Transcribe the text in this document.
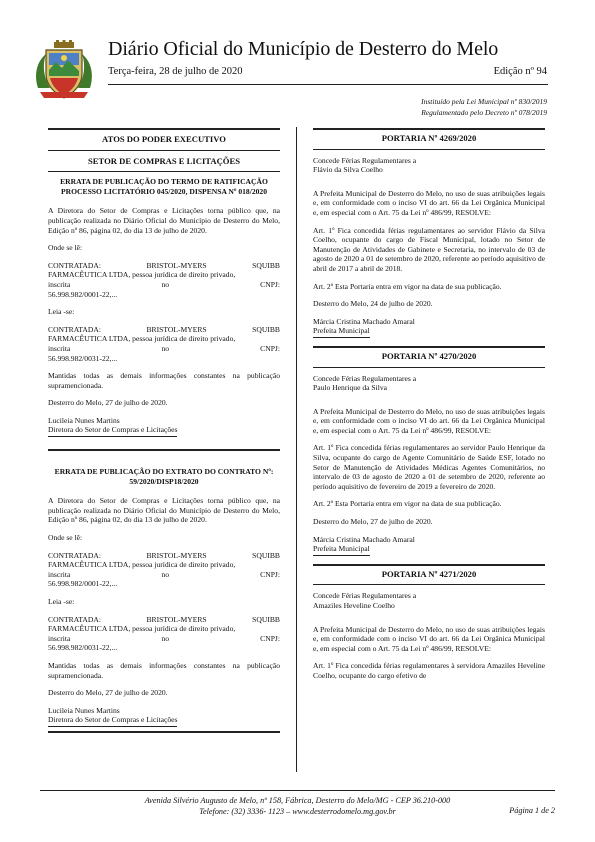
Diário Oficial do Município de Desterro do Melo
Terça-feira, 28 de julho de 2020	Edição nº 94
Instituído pela Lei Municipal nº 830/2019
Regulamentado pelo Decreto nº 078/2019
ATOS DO PODER EXECUTIVO
SETOR DE COMPRAS E LICITAÇÕES
ERRATA DE PUBLICAÇÃO DO TERMO DE RATIFICAÇÃO PROCESSO LICITATÓRIO 045/2020, DISPENSA Nº 018/2020

A Diretora do Setor de Compras e Licitações torna público que, na publicação realizada no Diário Oficial do Município de Desterro do Melo, Edição nº 86, página 02, do dia 13 de julho de 2020.

Onde se lê:

CONTRATADA:	BRISTOL-MYERS	SQUIBB
FARMACÊUTICA LTDA, pessoa jurídica de direito privado,
inscrita	no	CNPJ:
56.998.982/0001-22,...

Leia -se:

CONTRATADA:	BRISTOL-MYERS	SQUIBB
FARMACÊUTICA LTDA, pessoa jurídica de direito privado,
inscrita	no	CNPJ:
56.998.982/0031-22,...

Mantidas todas as demais informações constantes na publicação supramencionada.

Desterro do Melo, 27 de julho de 2020.

Lucileia Nunes Martins
Diretora do Setor de Compras e Licitações
ERRATA DE PUBLICAÇÃO DO EXTRATO DO CONTRATO Nº: 59/2020/DISP18/2020

A Diretora do Setor de Compras e Licitações torna público que, na publicação realizada no Diário Oficial do Município de Desterro do Melo, Edição nº 86, página 02, do dia 13 de julho de 2020.

Onde se lê:

CONTRATADA:	BRISTOL-MYERS	SQUIBB
FARMACÊUTICA LTDA, pessoa jurídica de direito privado,
inscrita	no	CNPJ:
56.998.982/0001-22,...

Leia -se:

CONTRATADA:	BRISTOL-MYERS	SQUIBB
FARMACÊUTICA LTDA, pessoa jurídica de direito privado,
inscrita	no	CNPJ:
56.998.982/0031-22,...

Mantidas todas as demais informações constantes na publicação supramencionada.

Desterro do Melo, 27 de julho de 2020.

Lucileia Nunes Martins
Diretora do Setor de Compras e Licitações
PORTARIA Nº 4269/2020

Concede Férias Regulamentares a
Flávio da Silva Coelho

A Prefeita Municipal de Desterro do Melo, no uso de suas atribuições legais e, em conformidade com o inciso VI do art. 66 da Lei Orgânica Municipal e, em especial com o Art. 75 da Lei nº 486/99, RESOLVE:

Art. 1º Fica concedida férias regulamentares ao servidor Flávio da Silva Coelho, ocupante do cargo de Fiscal Municipal, lotado no Setor de Manutenção de Atividades de Gabinete e Secretaria, no intervalo de 03 de agosto de 2020 a 01 de setembro de 2020, referente ao período aquisitivo de abril de 2017 a abril de 2018.

Art. 2º Esta Portaria entra em vigor na data de sua publicação.

Desterro do Melo, 24 de julho de 2020.

Márcia Cristina Machado Amaral
Prefeita Municipal
PORTARIA Nº 4270/2020

Concede Férias Regulamentares a
Paulo Henrique da Silva

A Prefeita Municipal de Desterro do Melo, no uso de suas atribuições legais e, em conformidade com o inciso VI do art. 66 da Lei Orgânica Municipal e, em especial com o Art. 75 da Lei nº 486/99, RESOLVE:

Art. 1º Fica concedida férias regulamentares ao servidor Paulo Henrique da Silva, ocupante do cargo de Agente Comunitário de Saúde ESF, lotado no Setor de Manutenção de Atividades Médicas Agentes Comunitários, no intervalo de 03 de agosto de 2020 a 01 de setembro de 2020, referente ao período aquisitivo de fevereiro de 2019 a fevereiro de 2020.

Art. 2º Esta Portaria entra em vigor na data de sua publicação.

Desterro do Melo, 27 de julho de 2020.

Márcia Cristina Machado Amaral
Prefeita Municipal
PORTARIA Nº 4271/2020

Concede Férias Regulamentares a
Amaziles Heveline Coelho

A Prefeita Municipal de Desterro do Melo, no uso de suas atribuições legais e, em conformidade com o inciso VI do art. 66 da Lei Orgânica Municipal e, em especial com o Art. 75 da Lei nº 486/99, RESOLVE:

Art. 1º Fica concedida férias regulamentares à servidora Amaziles Heveline Coelho, ocupante do cargo efetivo de

Avenida Silvério Augusto de Melo, nº 158, Fábrica, Desterro do Melo/MG - CEP 36.210-000
Telefone: (32) 3336- 1123 – www.desterrodomelo.mg.gov.br	Página 1 de 2
